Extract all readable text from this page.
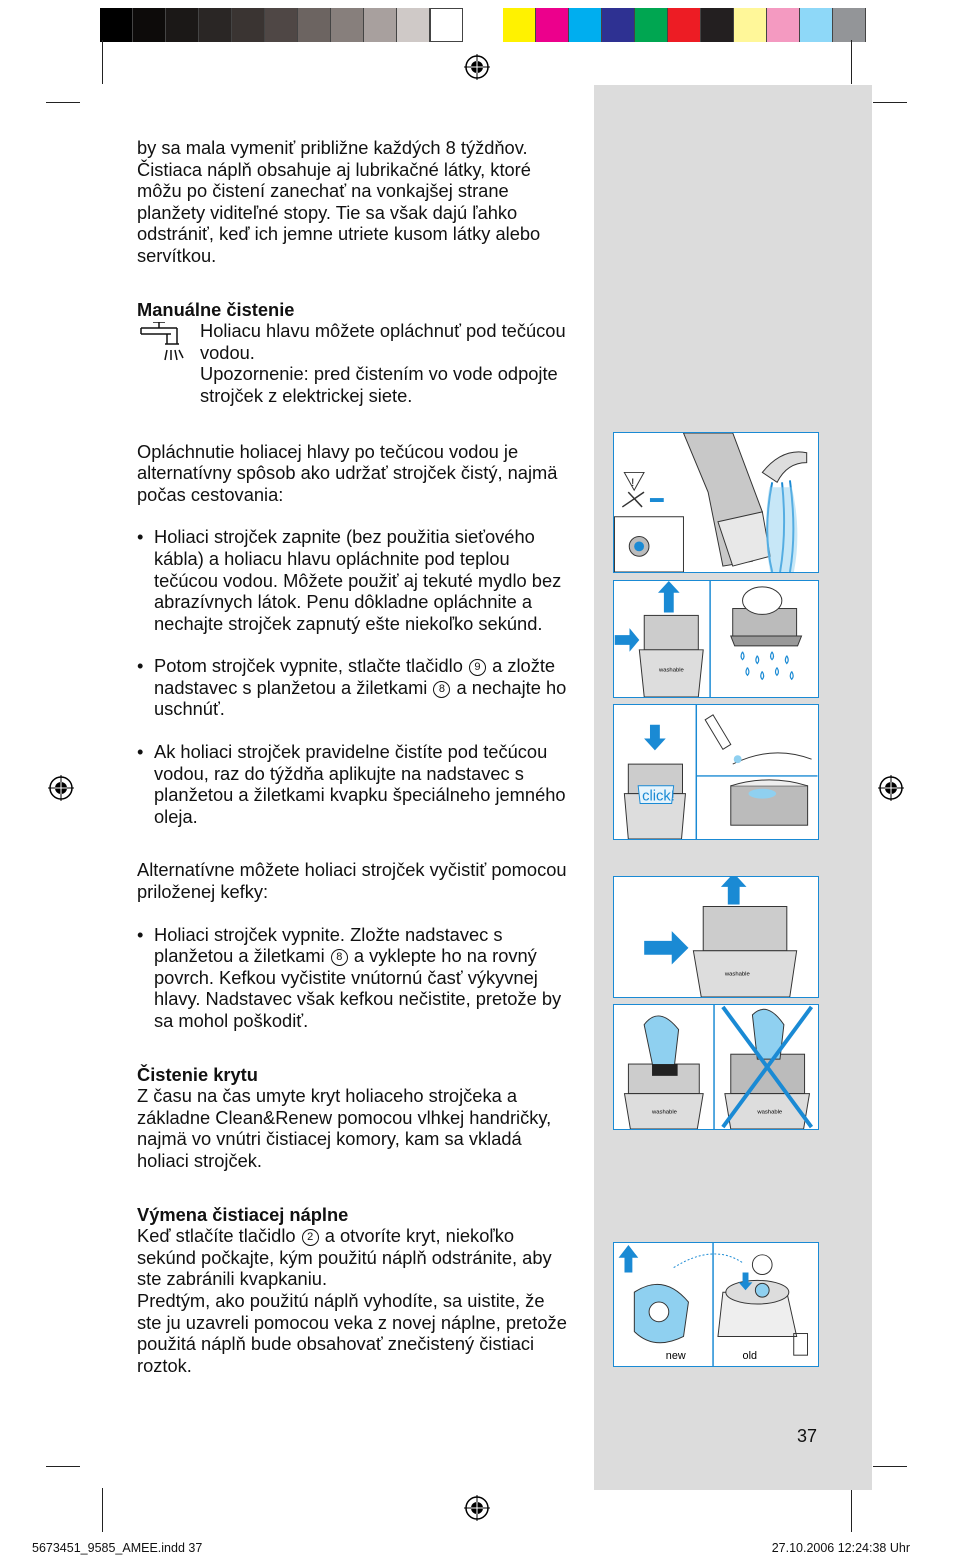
!
washable
click!
washable
washable	washable
new	old

by sa mala vymeniť približne každých 8 týždňov. Čistiaca náplň obsahuje aj lubrikačné látky, ktoré môžu po čistení zanechať na vonkajšej strane planžety viditeľné stopy. Tie sa však dajú ľahko odstrániť, keď ich jemne utriete kusom látky alebo servítkou.

Manuálne čistenie

Holiacu hlavu môžete opláchnuť pod tečúcou vodou.

Upozornenie: pred čistením vo vode odpojte strojček z elektrickej siete.

Opláchnutie holiacej hlavy po tečúcou vodou je alternatívny spôsob ako udržať strojček čistý, najmä počas cestovania:

• Holiaci strojček zapnite (bez použitia sieťového kábla) a holiacu hlavu opláchnite pod teplou tečúcou vodou. Môžete použiť aj tekuté mydlo bez abrazívnych látok. Penu dôkladne opláchnite a nechajte strojček zapnutý ešte niekoľko sekúnd.

• Potom strojček vypnite, stlačte tlačidlo 9 a zložte nadstavec s planžetou a žiletkami 8 a nechajte ho uschnúť.

• Ak holiaci strojček pravidelne čistíte pod tečúcou vodou, raz do týždňa aplikujte na nadstavec s planžetou a žiletkami kvapku špeciálneho jemného oleja.

Alternatívne môžete holiaci strojček vyčistiť pomocou priloženej kefky:

• Holiaci strojček vypnite. Zložte nadstavec s planžetou a žiletkami 8 a vyklepte ho na rovný povrch. Kefkou vyčistite vnútornú časť výkyvnej hlavy. Nadstavec však kefkou nečistite, pretože by sa mohol poškodiť.

Čistenie krytu

Z času na čas umyte kryt holiaceho strojčeka a základne Clean&Renew pomocou vlhkej handričky, najmä vo vnútri čistiacej komory, kam sa vkladá holiaci strojček.

Výmena čistiacej náplne

Keď stlačíte tlačidlo 2 a otvoríte kryt, niekoľko sekúnd počkajte, kým použitú náplň odstránite, aby ste zabránili kvapkaniu.

Predtým, ako použitú náplň vyhodíte, sa uistite, že ste ju uzavreli pomocou veka z novej náplne, pretože použitá náplň bude obsahovať znečistený čistiaci roztok.

37
5673451_9585_AMEE.indd 37	27.10.2006 12:24:38 Uhr
